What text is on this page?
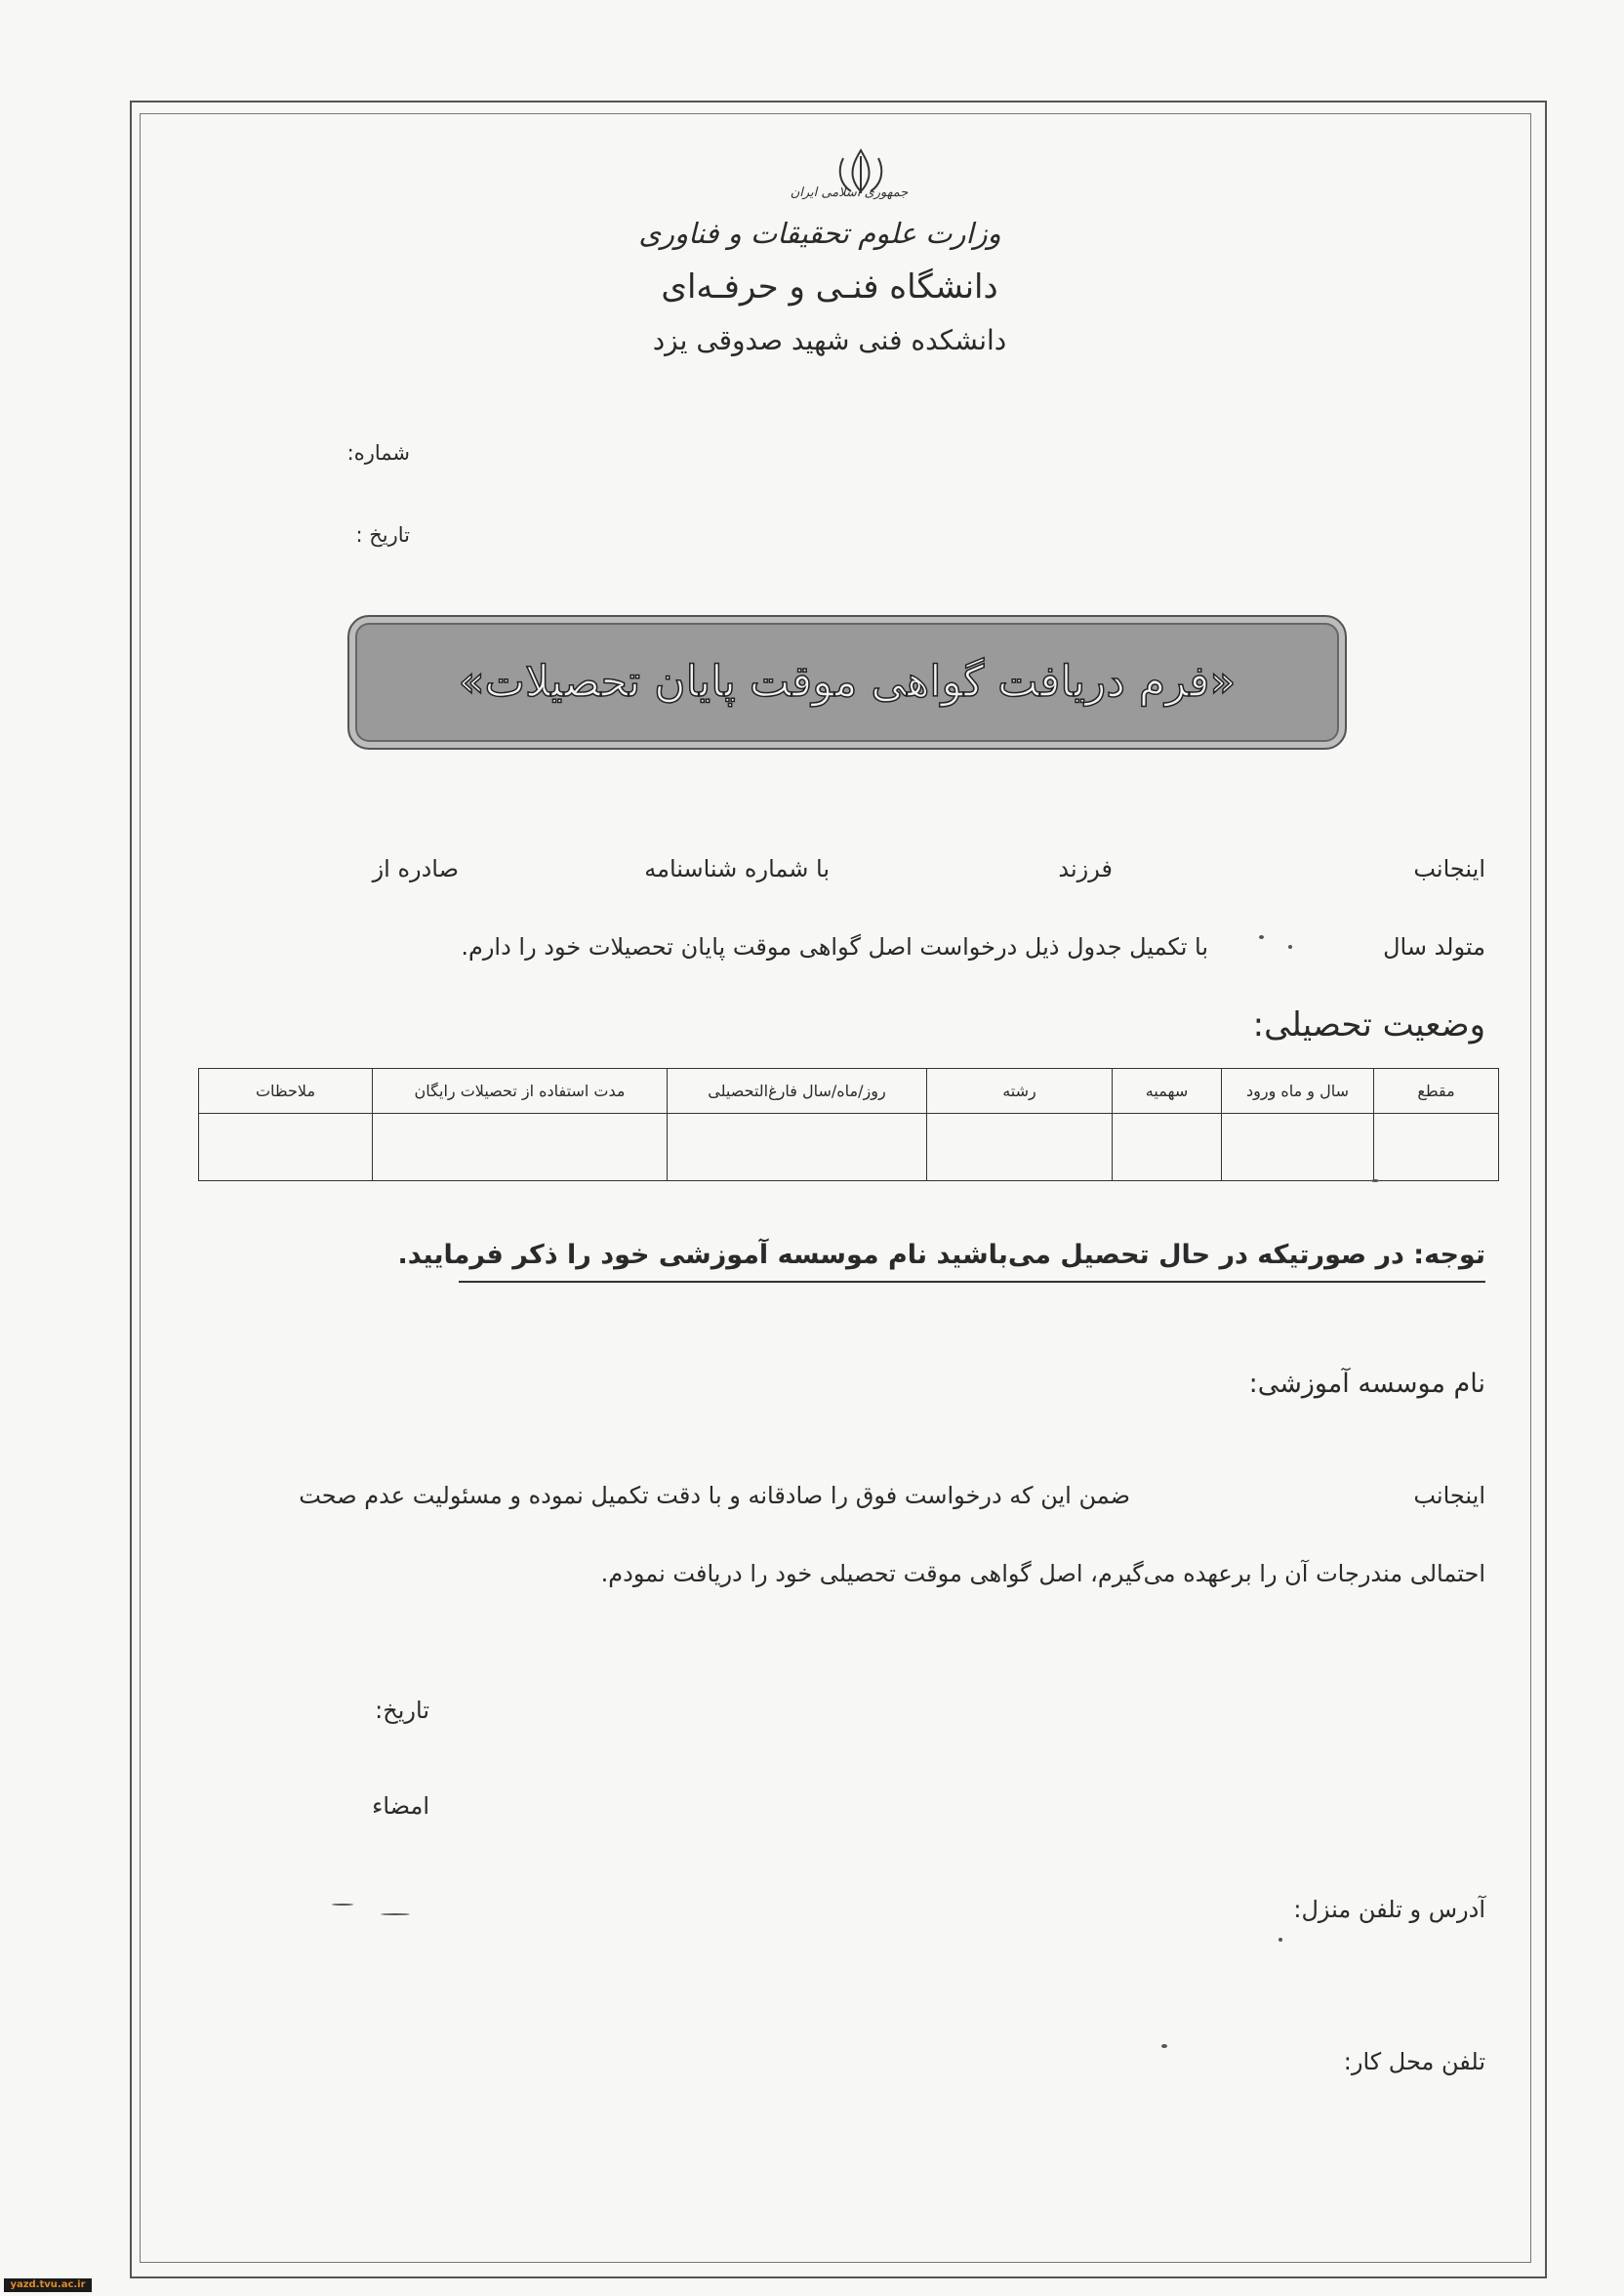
جمهوری اسلامی ایران
وزارت علوم تحقیقات و فناوری
دانشگاه فنـی و حرفـه‌ای
دانشکده فنی شهید صدوقی یزد
شماره:
تاریخ :
«فرم دریافت گواهی موقت پایان تحصیلات»
اینجانب
فرزند
با شماره شناسنامه
صادره از
متولد سال
با تکمیل جدول ذیل درخواست اصل گواهی موقت پایان تحصیلات خود را دارم.
وضعیت تحصیلی:
مقطع	سال و ماه ورود	سهمیه	رشته	روز/ماه/سال فارغ‌التحصیلی	مدت استفاده از تحصیلات رایگان	ملاحظات

توجه: در صورتیکه در حال تحصیل می‌باشید نام موسسه آموزشی خود را ذکر فرمایید.
نام موسسه آموزشی:
اینجانب
ضمن این که درخواست فوق را صادقانه و با دقت تکمیل نموده و مسئولیت عدم صحت
احتمالی مندرجات آن را برعهده می‌گیرم، اصل گواهی موقت تحصیلی خود را دریافت نمودم.
تاریخ:
امضاء
آدرس و تلفن منزل:
تلفن محل کار:
yazd.tvu.ac.ir
